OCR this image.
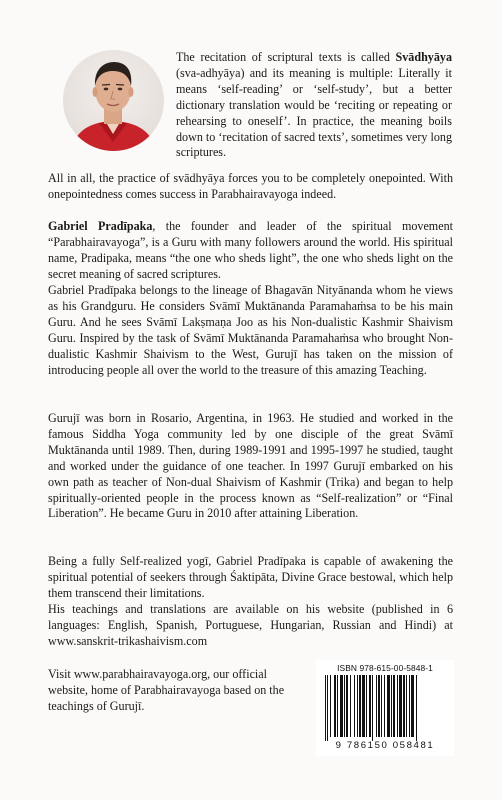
The recitation of scriptural texts is called Svādhyāya (sva-adhyāya) and its meaning is multiple: Literally it means ‘self-reading’ or ‘self-study’, but a better dictionary translation would be ‘reciting or repeating or rehearsing to oneself’. In practice, the meaning boils down to ‘recitation of sacred texts’, sometimes very long scriptures.

All in all, the practice of svādhyāya forces you to be completely onepointed. With onepointedness comes success in Parabhairavayoga indeed.

Gabriel Pradīpaka, the founder and leader of the spiritual movement “Parabhairavayoga”, is a Guru with many followers around the world. His spiritual name, Pradipaka, means “the one who sheds light”, the one who sheds light on the secret meaning of sacred scriptures.

Gabriel Pradīpaka belongs to the lineage of Bhagavān Nityānanda whom he views as his Grandguru. He considers Svāmī Muktānanda Paramahaṁsa to be his main Guru. And he sees Svāmī Lakṣmaṇa Joo as his Non-dualistic Kashmir Shaivism Guru. Inspired by the task of Svāmī Muktānanda Paramahaṁsa who brought Non-dualistic Kashmir Shaivism to the West, Gurujī has taken on the mission of introducing people all over the world to the treasure of this amazing Teaching.

Gurujī was born in Rosario, Argentina, in 1963. He studied and worked in the famous Siddha Yoga community led by one disciple of the great Svāmī Muktānanda until 1989. Then, during 1989-1991 and 1995-1997 he studied, taught and worked under the guidance of one teacher. In 1997 Gurujī embarked on his own path as teacher of Non-dual Shaivism of Kashmir (Trika) and began to help spiritually-oriented people in the process known as “Self-realization” or “Final Liberation”. He became Guru in 2010 after attaining Liberation.

Being a fully Self-realized yogī, Gabriel Pradīpaka is capable of awakening the spiritual potential of seekers through Śaktipāta, Divine Grace bestowal, which help them transcend their limitations.

His teachings and translations are available on his website (published in 6 languages: English, Spanish, Portuguese, Hungarian, Russian and Hindi) at www.sanskrit-trikashaivism.com

Visit www.parabhairavayoga.org, our official website, home of Parabhairavayoga based on the teachings of Gurujī.

ISBN 978-615-00-5848-1
9 786150 058481
